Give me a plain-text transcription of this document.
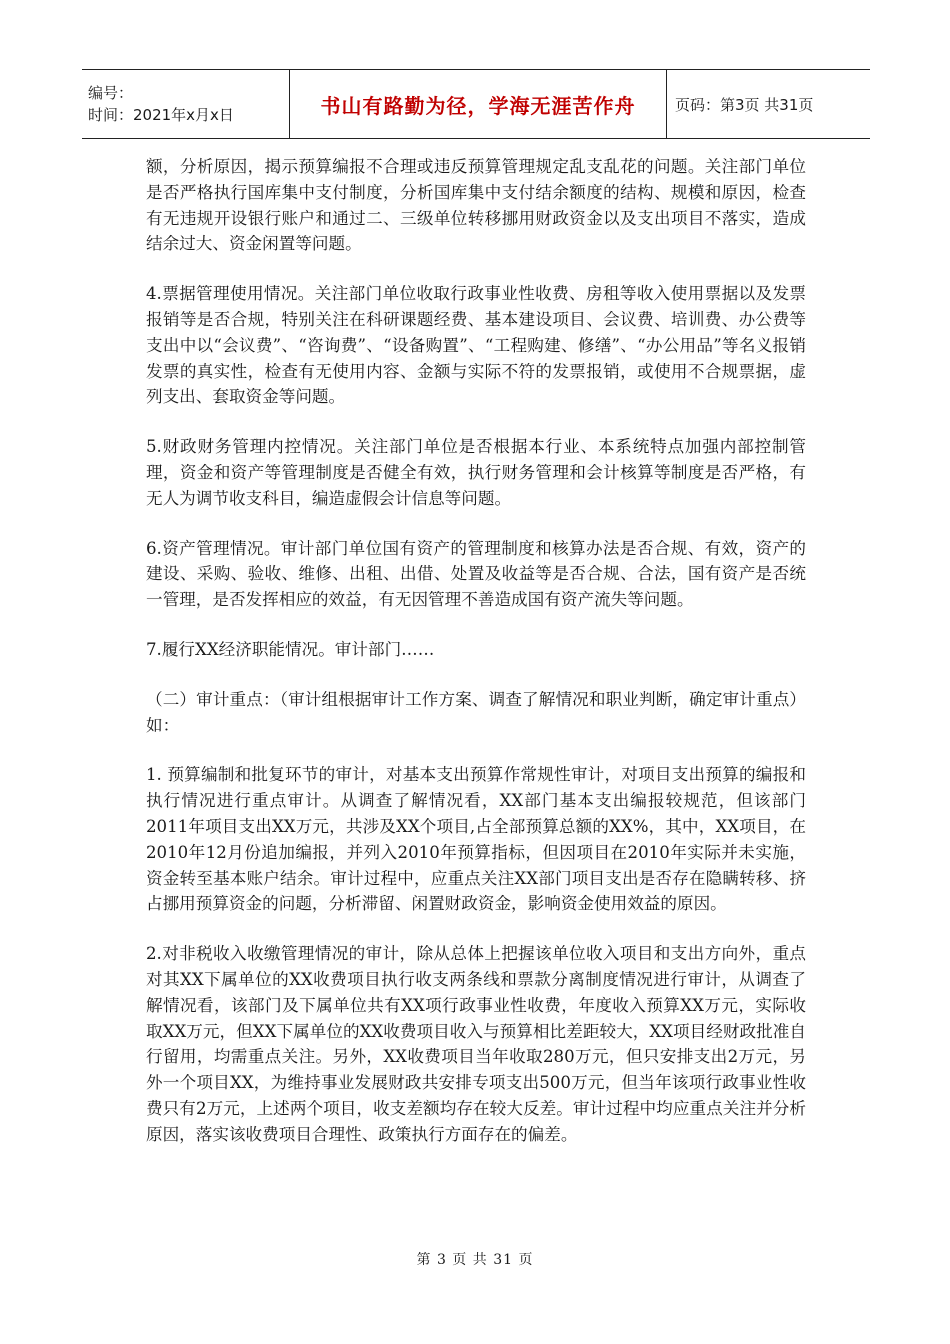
编号：
时间：2021年x月x日	书山有路勤为径，学海无涯苦作舟	页码：第3页 共31页

额，分析原因，揭示预算编报不合理或违反预算管理规定乱支乱花的问题。关注部门单位是否严格执行国库集中支付制度，分析国库集中支付结余额度的结构、规模和原因，检查有无违规开设银行账户和通过二、三级单位转移挪用财政资金以及支出项目不落实，造成结余过大、资金闲置等问题。

4.票据管理使用情况。关注部门单位收取行政事业性收费、房租等收入使用票据以及发票报销等是否合规，特别关注在科研课题经费、基本建设项目、会议费、培训费、办公费等支出中以“会议费”、“咨询费”、“设备购置”、“工程购建、修缮”、“办公用品”等名义报销发票的真实性，检查有无使用内容、金额与实际不符的发票报销，或使用不合规票据，虚列支出、套取资金等问题。

5.财政财务管理内控情况。关注部门单位是否根据本行业、本系统特点加强内部控制管理，资金和资产等管理制度是否健全有效，执行财务管理和会计核算等制度是否严格，有无人为调节收支科目，编造虚假会计信息等问题。

6.资产管理情况。审计部门单位国有资产的管理制度和核算办法是否合规、有效，资产的建设、采购、验收、维修、出租、出借、处置及收益等是否合规、合法，国有资产是否统一管理，是否发挥相应的效益，有无因管理不善造成国有资产流失等问题。

7.履行XX经济职能情况。审计部门……

（二）审计重点：（审计组根据审计工作方案、调查了解情况和职业判断，确定审计重点）如：

1. 预算编制和批复环节的审计，对基本支出预算作常规性审计，对项目支出预算的编报和执行情况进行重点审计。从调查了解情况看，XX部门基本支出编报较规范，但该部门2011年项目支出XX万元，共涉及XX个项目,占全部预算总额的XX%，其中，XX项目，在2010年12月份追加编报，并列入2010年预算指标，但因项目在2010年实际并未实施，资金转至基本账户结余。审计过程中，应重点关注XX部门项目支出是否存在隐瞒转移、挤占挪用预算资金的问题，分析滞留、闲置财政资金，影响资金使用效益的原因。

2.对非税收入收缴管理情况的审计，除从总体上把握该单位收入项目和支出方向外，重点对其XX下属单位的XX收费项目执行收支两条线和票款分离制度情况进行审计，从调查了解情况看，该部门及下属单位共有XX项行政事业性收费，年度收入预算XX万元，实际收取XX万元，但XX下属单位的XX收费项目收入与预算相比差距较大，XX项目经财政批准自行留用，均需重点关注。另外，XX收费项目当年收取280万元，但只安排支出2万元，另外一个项目XX，为维持事业发展财政共安排专项支出500万元，但当年该项行政事业性收费只有2万元，上述两个项目，收支差额均存在较大反差。审计过程中均应重点关注并分析原因，落实该收费项目合理性、政策执行方面存在的偏差。

第 3 页 共 31 页
